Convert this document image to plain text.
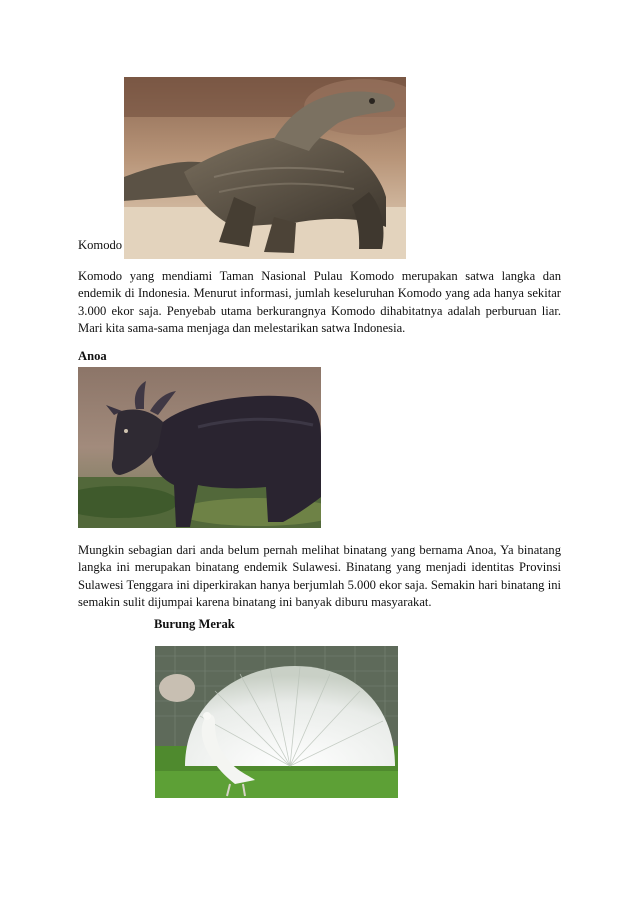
Komodo

Komodo yang mendiami Taman Nasional Pulau Komodo merupakan satwa langka dan endemik di Indonesia. Menurut informasi, jumlah keseluruhan Komodo yang ada hanya sekitar 3.000 ekor saja. Penyebab utama berkurangnya Komodo dihabitatnya adalah perburuan liar. Mari kita sama-sama menjaga dan melestarikan satwa Indonesia.

Anoa

Mungkin sebagian dari anda belum pernah melihat binatang yang bernama Anoa, Ya binatang langka ini merupakan binatang endemik Sulawesi. Binatang yang menjadi identitas Provinsi Sulawesi Tenggara ini diperkirakan hanya berjumlah 5.000 ekor saja. Semakin hari binatang ini semakin sulit dijumpai karena binatang ini banyak diburu masyarakat.

Burung Merak
